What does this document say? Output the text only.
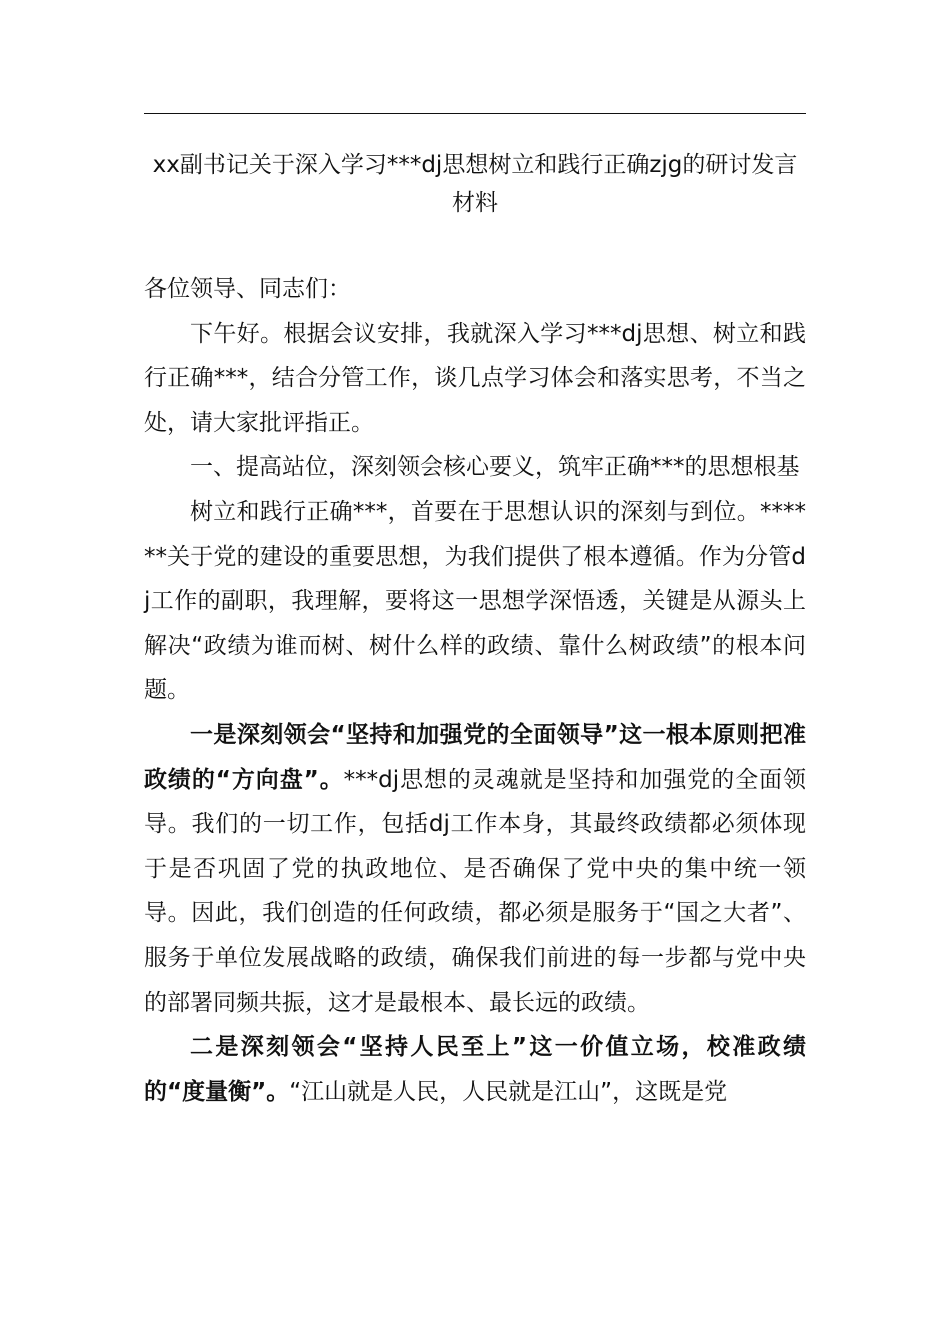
xx副书记关于深入学习***dj思想树立和践行正确zjg的研讨发言材料

各位领导、同志们：

下午好。根据会议安排，我就深入学习***dj思想、树立和践行正确***，结合分管工作，谈几点学习体会和落实思考，不当之处，请大家批评指正。

一、提高站位，深刻领会核心要义，筑牢正确***的思想根基

树立和践行正确***，首要在于思想认识的深刻与到位。******关于党的建设的重要思想，为我们提供了根本遵循。作为分管dj工作的副职，我理解，要将这一思想学深悟透，关键是从源头上解决“政绩为谁而树、树什么样的政绩、靠什么树政绩”的根本问题。

一是深刻领会“坚持和加强党的全面领导”这一根本原则把准政绩的“方向盘”。***dj思想的灵魂就是坚持和加强党的全面领导。我们的一切工作，包括dj工作本身，其最终政绩都必须体现于是否巩固了党的执政地位、是否确保了党中央的集中统一领导。因此，我们创造的任何政绩，都必须是服务于“国之大者”、服务于单位发展战略的政绩，确保我们前进的每一步都与党中央的部署同频共振，这才是最根本、最长远的政绩。

二是深刻领会“坚持人民至上”这一价值立场，校准政绩的“度量衡”。“江山就是人民，人民就是江山”，这既是党
